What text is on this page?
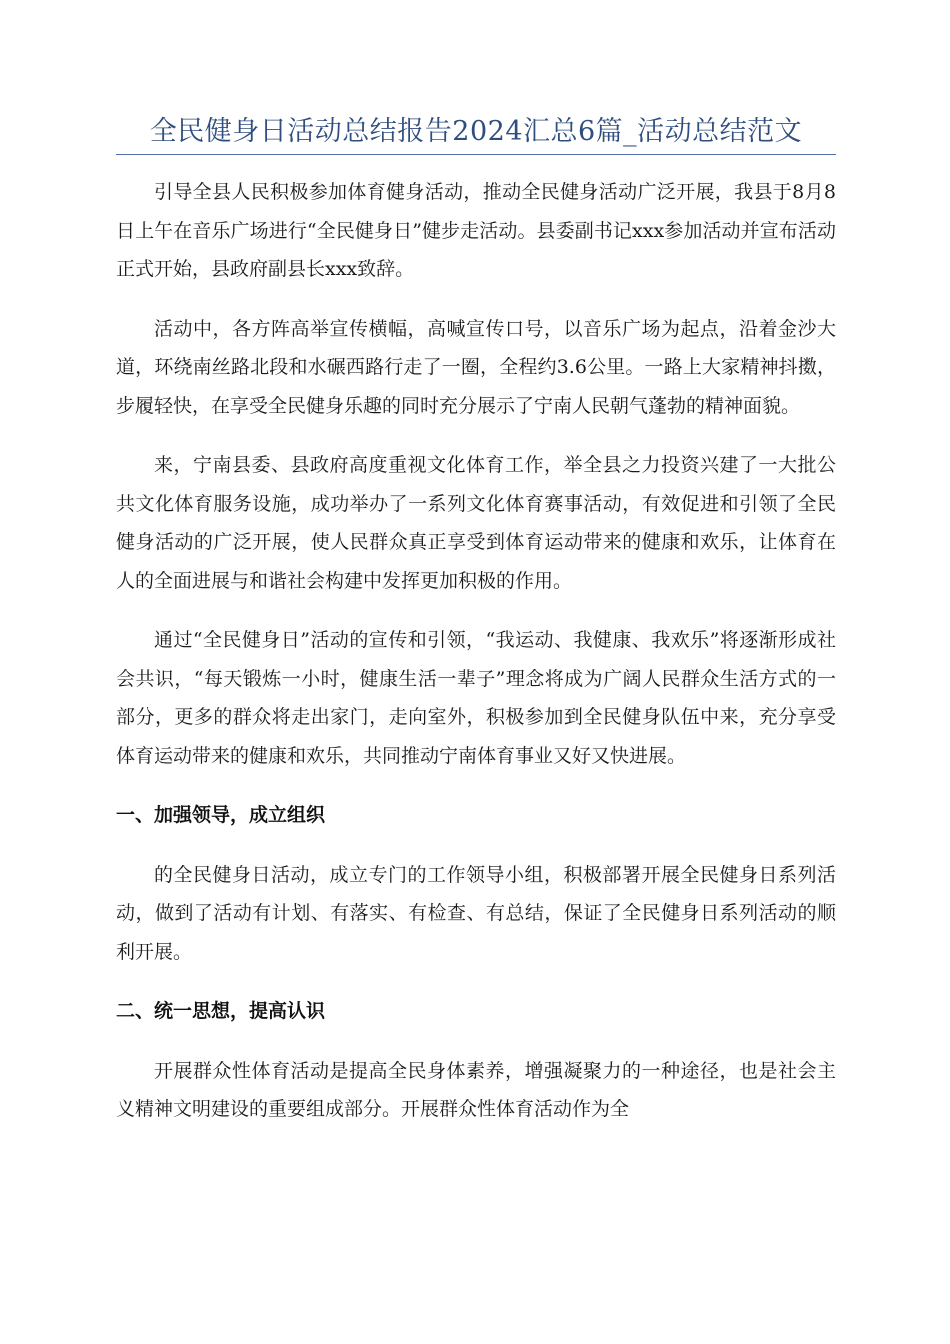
全民健身日活动总结报告2024汇总6篇_活动总结范文

引导全县人民积极参加体育健身活动，推动全民健身活动广泛开展，我县于8月8日上午在音乐广场进行“全民健身日”健步走活动。县委副书记xxx参加活动并宣布活动正式开始，县政府副县长xxx致辞。

活动中，各方阵高举宣传横幅，高喊宣传口号，以音乐广场为起点，沿着金沙大道，环绕南丝路北段和水碾西路行走了一圈，全程约3.6公里。一路上大家精神抖擞，步履轻快，在享受全民健身乐趣的同时充分展示了宁南人民朝气蓬勃的精神面貌。

来，宁南县委、县政府高度重视文化体育工作，举全县之力投资兴建了一大批公共文化体育服务设施，成功举办了一系列文化体育赛事活动，有效促进和引领了全民健身活动的广泛开展，使人民群众真正享受到体育运动带来的健康和欢乐，让体育在人的全面进展与和谐社会构建中发挥更加积极的作用。

通过“全民健身日”活动的宣传和引领，“我运动、我健康、我欢乐”将逐渐形成社会共识，“每天锻炼一小时，健康生活一辈子”理念将成为广阔人民群众生活方式的一部分，更多的群众将走出家门，走向室外，积极参加到全民健身队伍中来，充分享受体育运动带来的健康和欢乐，共同推动宁南体育事业又好又快进展。

一、加强领导，成立组织

的全民健身日活动，成立专门的工作领导小组，积极部署开展全民健身日系列活动，做到了活动有计划、有落实、有检查、有总结，保证了全民健身日系列活动的顺利开展。

二、统一思想，提高认识

开展群众性体育活动是提高全民身体素养，增强凝聚力的一种途径，也是社会主义精神文明建设的重要组成部分。开展群众性体育活动作为全
